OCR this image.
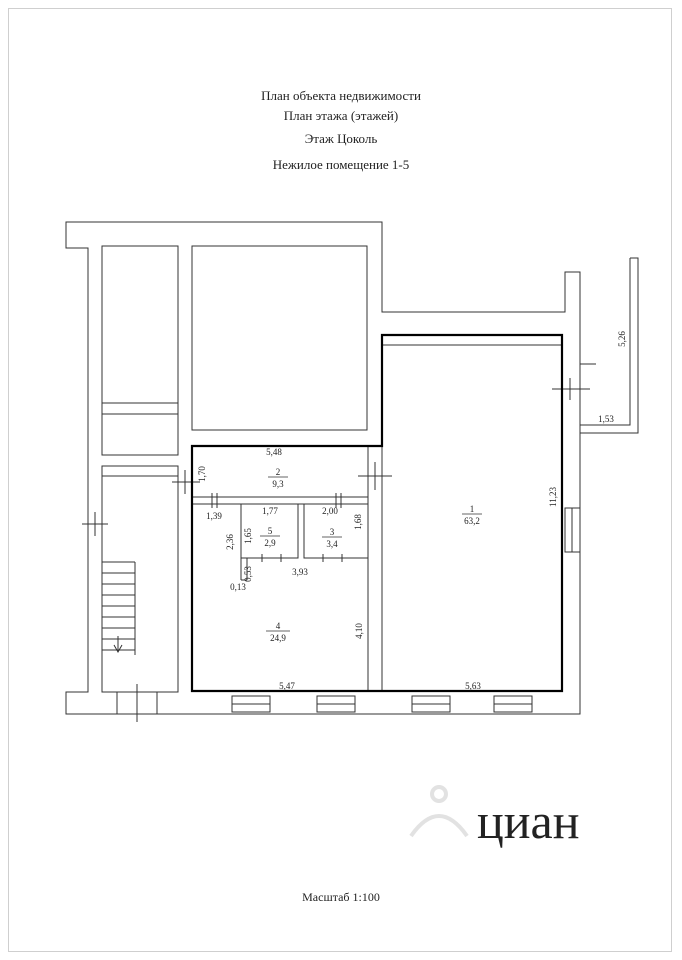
План объекта недвижимости
План этажа (этажей)
Этаж Цоколь
Нежилое помещение 1-5
1
63,2
2
9,3
3
3,4
4
24,9
5
2,9
5,48
1,70
1,39	1,77	2,00
1,68
2,36 1,65
0,53
0,13
3,93
4,10
5,47	5,63
11,23
5,26
1,53
циан
Масштаб 1:100
